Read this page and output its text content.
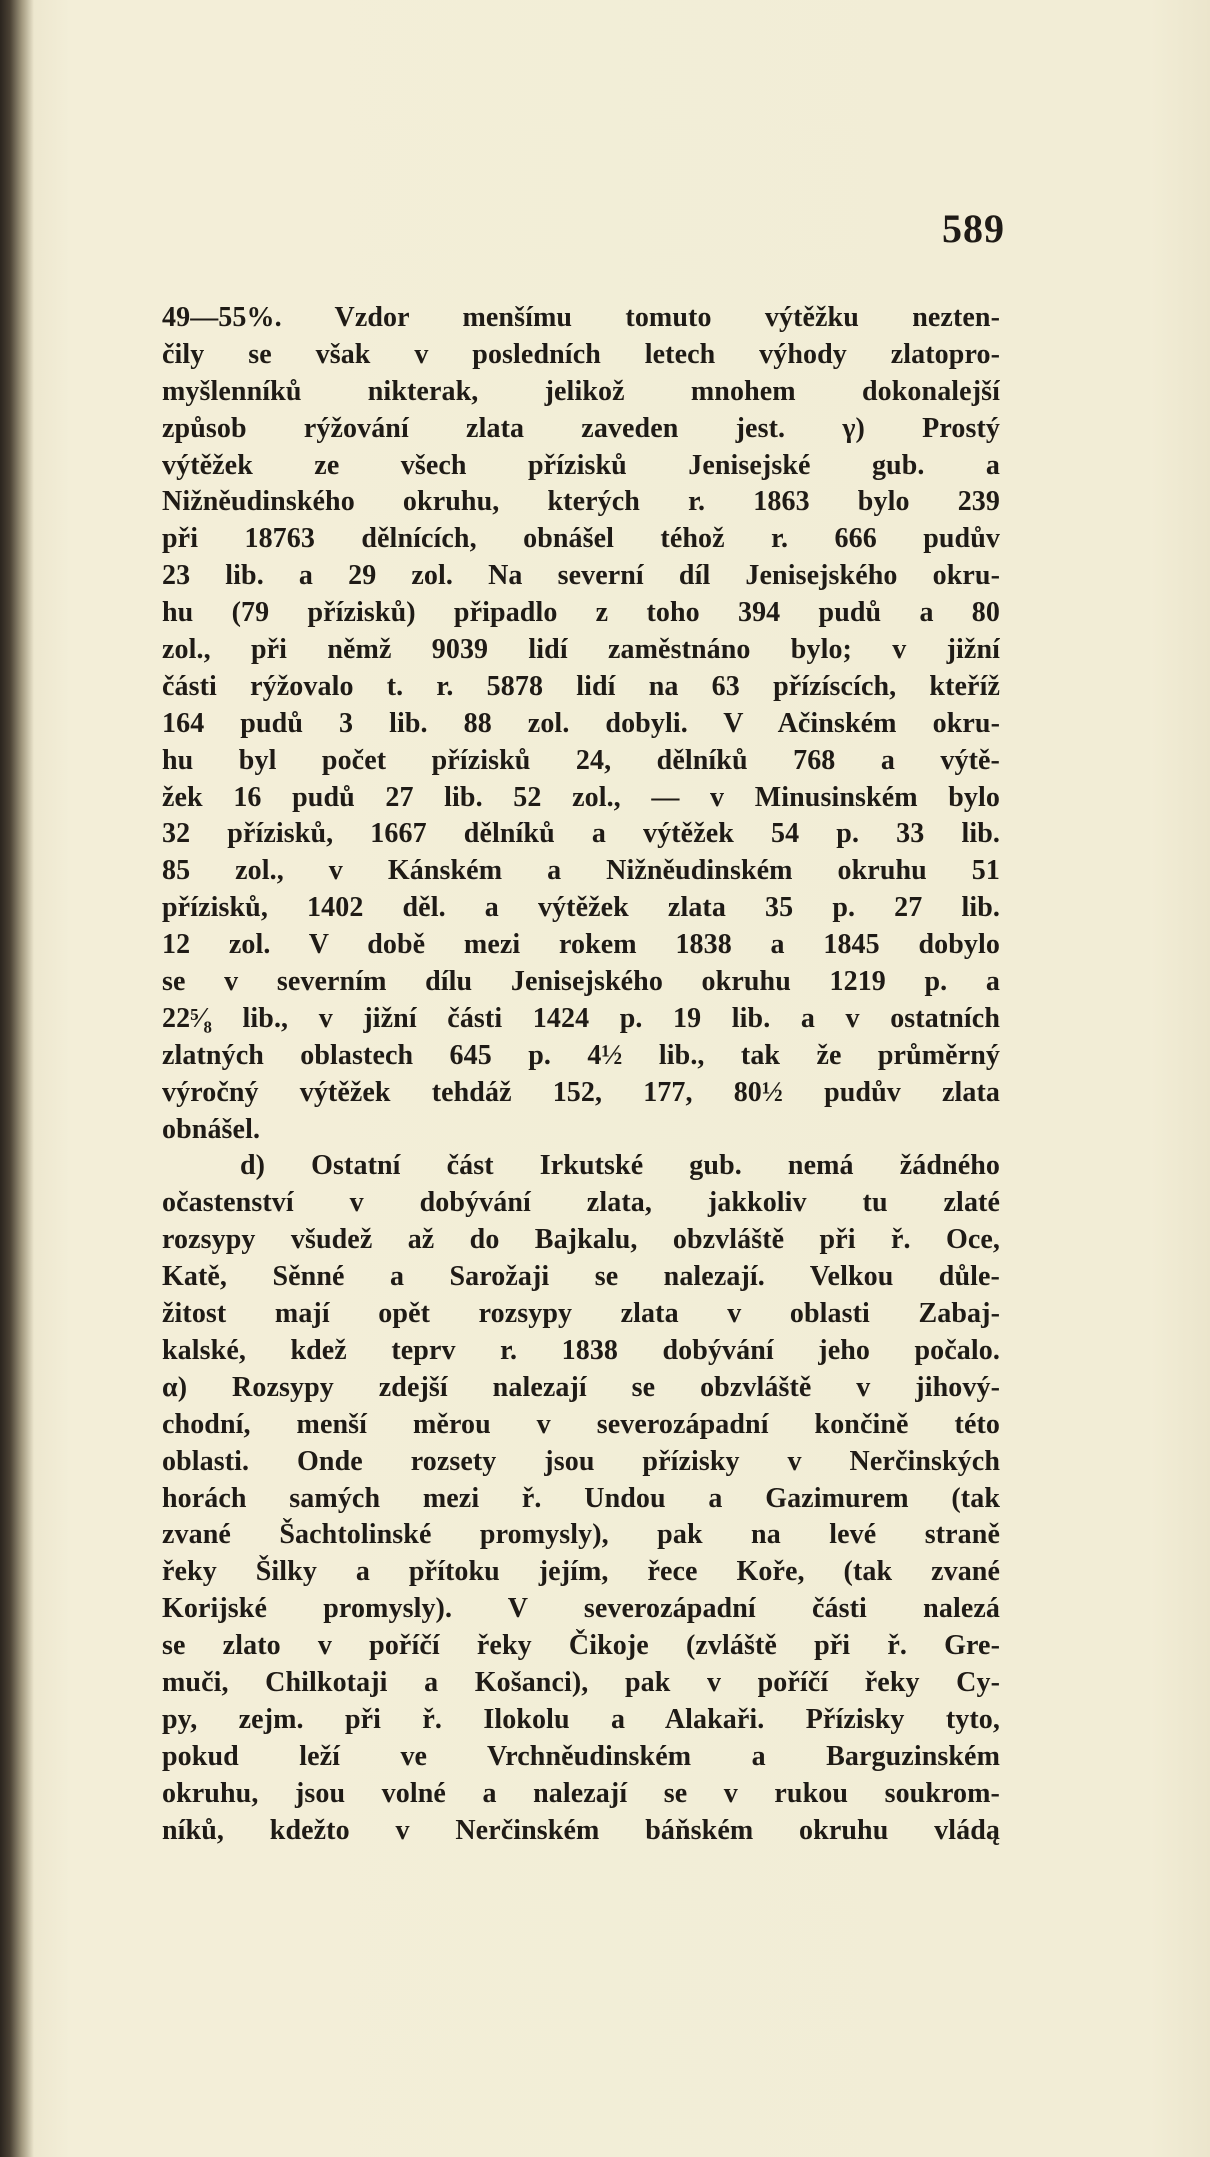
589
49—55%. Vzdor menšímu tomuto výtěžku nezten-
čily se však v posledních letech výhody zlatopro-
myšlenníků nikterak, jelikož mnohem dokonalejší
způsob rýžování zlata zaveden jest. γ) Prostý
výtěžek ze všech přízisků Jenisejské gub. a
Nižněudinského okruhu, kterých r. 1863 bylo 239
při 18763 dělnících, obnášel téhož r. 666 pudův
23 lib. a 29 zol. Na severní díl Jenisejského okru-
hu (79 přízisků) připadlo z toho 394 pudů a 80
zol., při němž 9039 lidí zaměstnáno bylo; v jižní
části rýžovalo t. r. 5878 lidí na 63 přízíscích, kteříž
164 pudů 3 lib. 88 zol. dobyli. V Ačinském okru-
hu byl počet přízisků 24, dělníků 768 a výtě-
žek 16 pudů 27 lib. 52 zol., — v Minusinském bylo
32 přízisků, 1667 dělníků a výtěžek 54 p. 33 lib.
85 zol., v Kánském a Nižněudinském okruhu 51
přízisků, 1402 děl. a výtěžek zlata 35 p. 27 lib.
12 zol. V době mezi rokem 1838 a 1845 dobylo
se v severním dílu Jenisejského okruhu 1219 p. a
22⁵⁄₈ lib., v jižní části 1424 p. 19 lib. a v ostatních
zlatných oblastech 645 p. 4½ lib., tak že průměrný
výročný výtěžek tehdáž 152, 177, 80½ pudův zlata
obnášel.
d) Ostatní část Irkutské gub. nemá žádného
očastenství v dobývání zlata, jakkoliv tu zlaté
rozsypy všudež až do Bajkalu, obzvláště při ř. Oce,
Katě, Sěnné a Sarožaji se nalezají. Velkou důle-
žitost mají opět rozsypy zlata v oblasti Zabaj-
kalské, kdež teprv r. 1838 dobývání jeho počalo.
α) Rozsypy zdejší nalezají se obzvláště v jihový-
chodní, menší měrou v severozápadní končině této
oblasti. Onde rozsety jsou přízisky v Nerčinských
horách samých mezi ř. Undou a Gazimurem (tak
zvané Šachtolinské promysly), pak na levé straně
řeky Šilky a přítoku jejím, řece Koře, (tak zvané
Korijské promysly). V severozápadní části nalezá
se zlato v poříčí řeky Čikoje (zvláště při ř. Gre-
muči, Chilkotaji a Košanci), pak v poříčí řeky Cy-
py, zejm. při ř. Ilokolu a Alakaři. Přízisky tyto,
pokud leží ve Vrchněudinském a Barguzinském
okruhu, jsou volné a nalezají se v rukou soukrom-
níků, kdežto v Nerčinském báňském okruhu vládą
